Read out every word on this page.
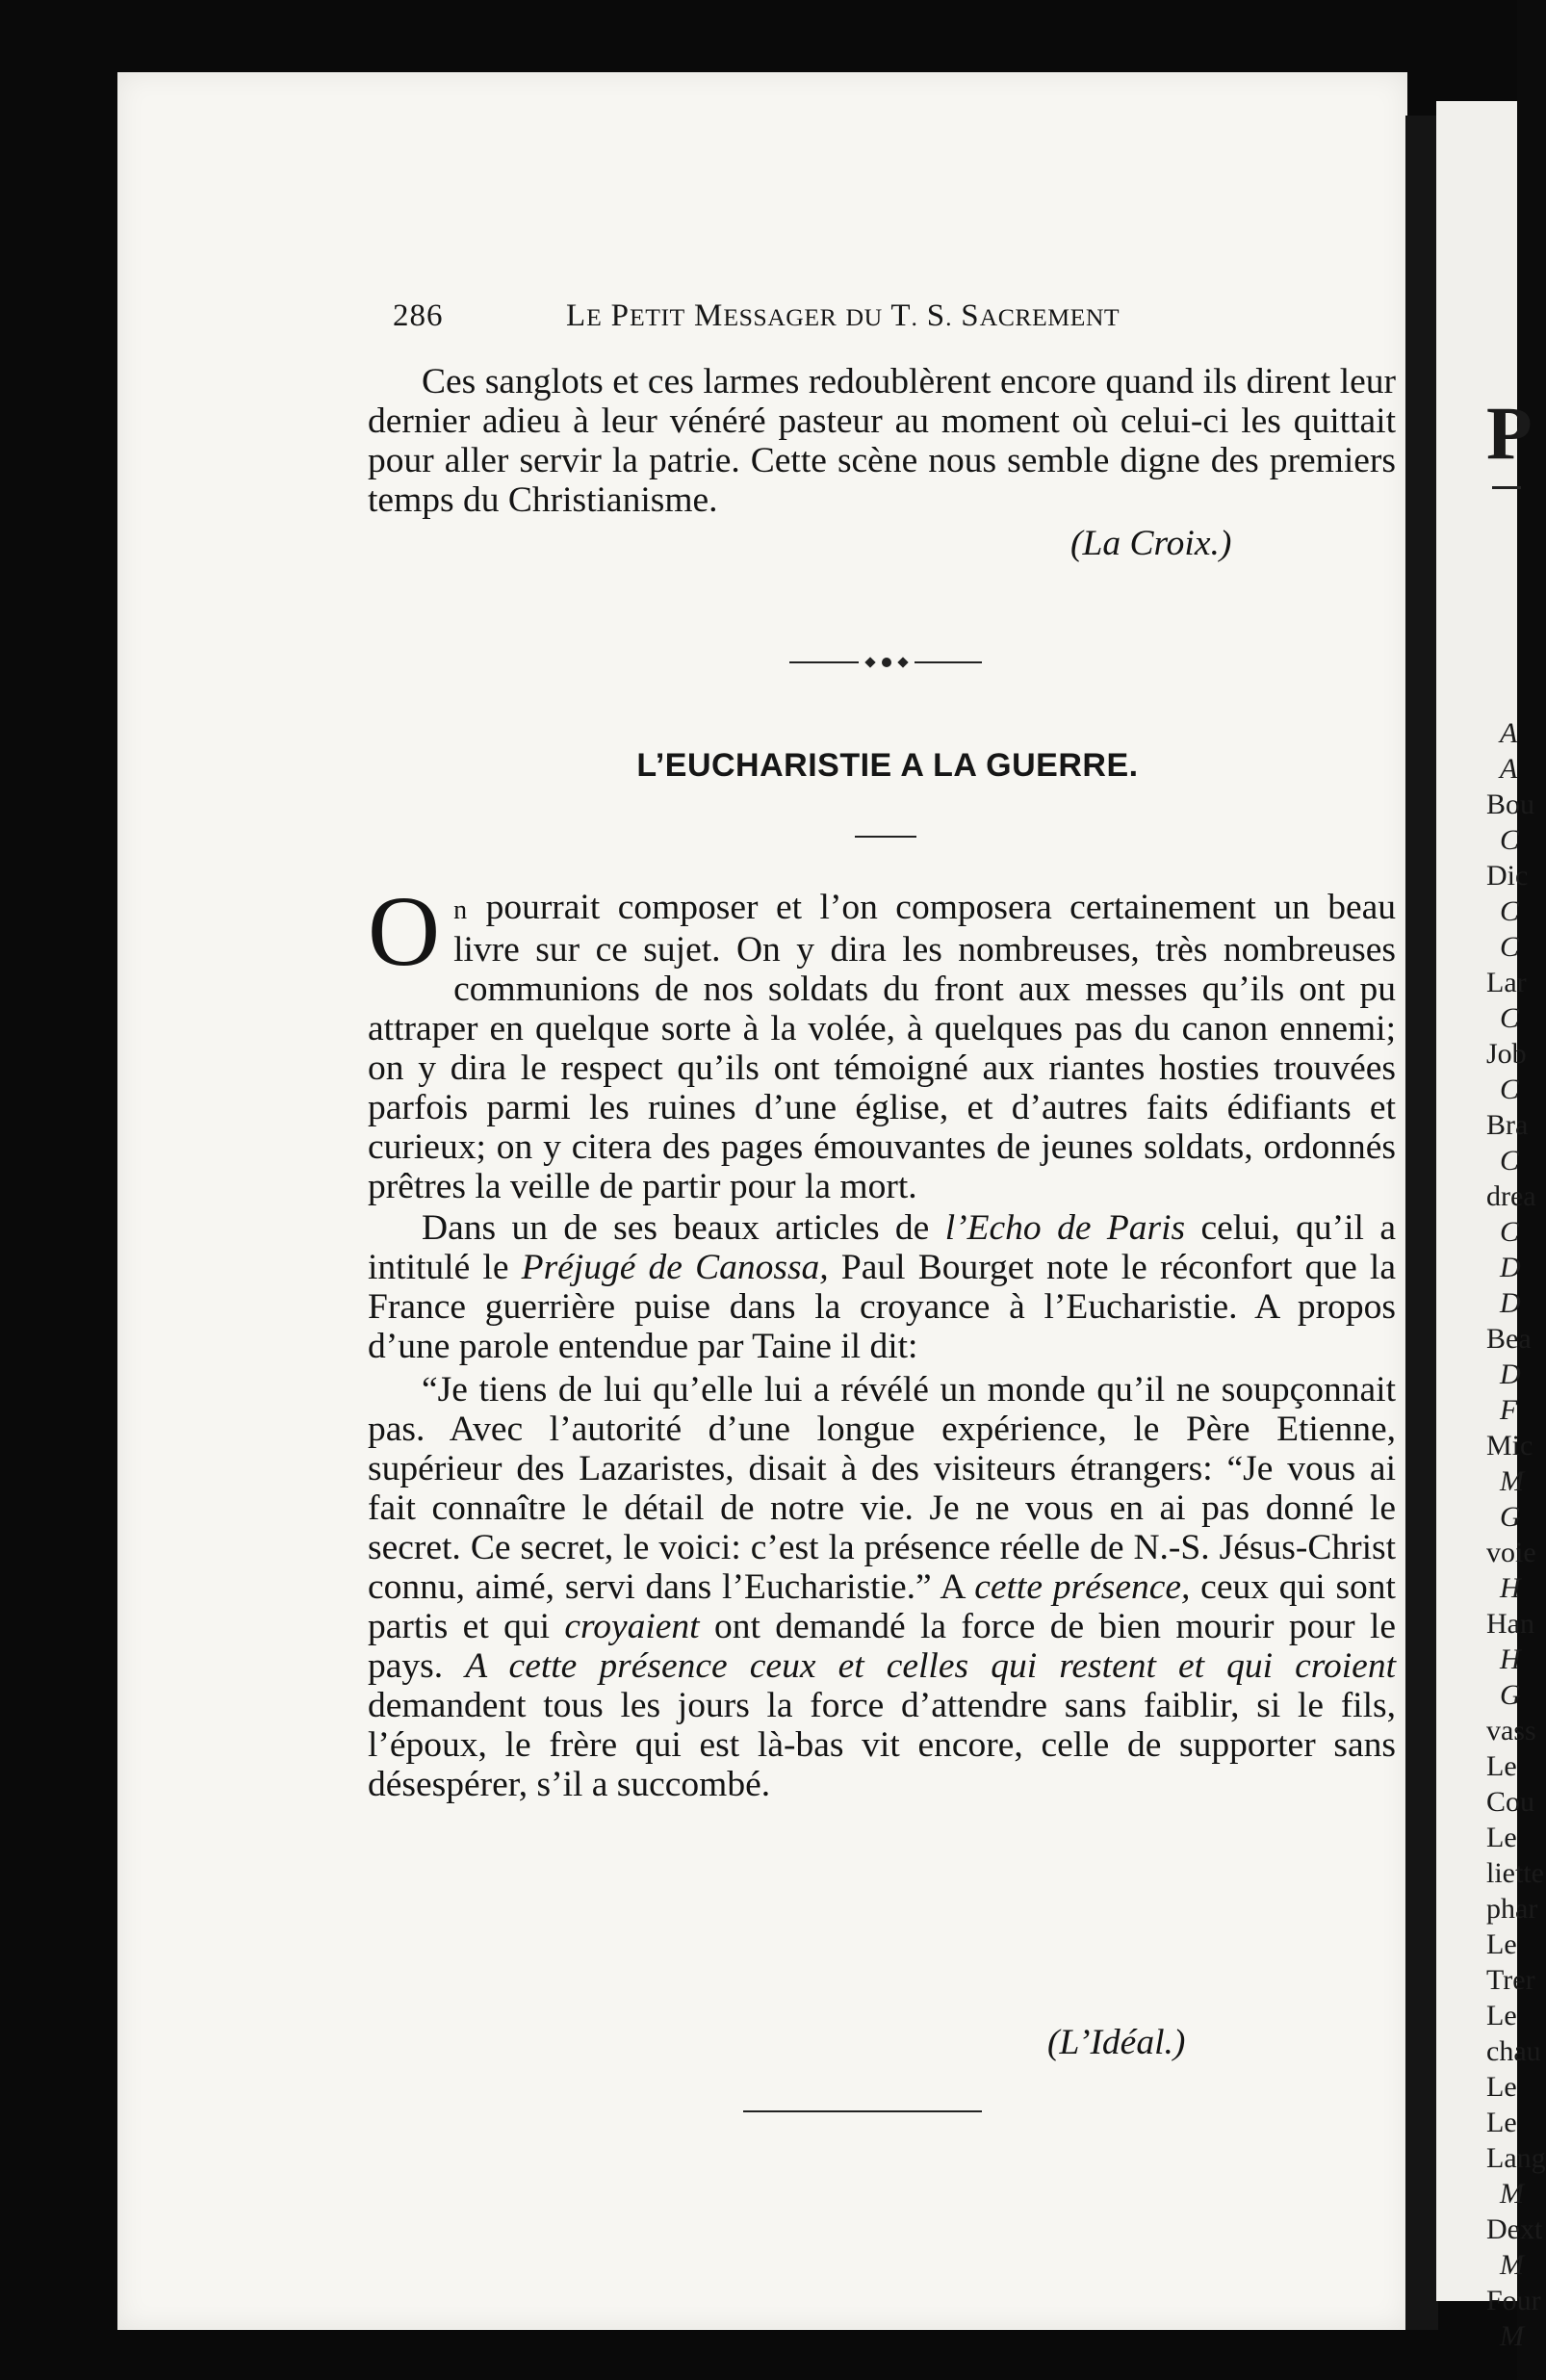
P
A
A
Bou
C
Dic
C
C
Lar
C
Job
C
Bra
C
drea
C
D
D
Bea
D
F
Mic
M
G
voie
H
Han
H
G
vass
Le
Cou
Le
liette
phar
Le
Trer
Le
chau
Le
Le
Lang
M
Dext
M
Four
M
286	LE PETIT MESSAGER DU T. S. SACREMENT

Ces sanglots et ces larmes redoublèrent encore quand ils dirent leur dernier adieu à leur vénéré pasteur au moment où celui-ci les quittait pour aller servir la patrie. Cette scène nous semble digne des premiers temps du Christianisme.

(La Croix.)
L’EUCHARISTIE A LA GUERRE.

On pourrait composer et l’on composera certainement un beau livre sur ce sujet. On y dira les nombreuses, très nombreuses communions de nos soldats du front aux messes qu’ils ont pu attraper en quelque sorte à la volée, à quelques pas du canon ennemi; on y dira le respect qu’ils ont témoigné aux riantes hosties trouvées parfois parmi les ruines d’une église, et d’autres faits édifiants et curieux; on y citera des pages émouvantes de jeunes soldats, ordonnés prêtres la veille de partir pour la mort.

Dans un de ses beaux articles de l’Echo de Paris celui, qu’il a intitulé le Préjugé de Canossa, Paul Bourget note le réconfort que la France guerrière puise dans la croyance à l’Eucharistie. A propos d’une parole entendue par Taine il dit:

“Je tiens de lui qu’elle lui a révélé un monde qu’il ne soupçonnait pas. Avec l’autorité d’une longue expérience, le Père Etienne, supérieur des Lazaristes, disait à des visiteurs étrangers: “Je vous ai fait connaître le détail de notre vie. Je ne vous en ai pas donné le secret. Ce secret, le voici: c’est la présence réelle de N.-S. Jésus-Christ connu, aimé, servi dans l’Eucharistie.” A cette présence, ceux qui sont partis et qui croyaient ont demandé la force de bien mourir pour le pays. A cette présence ceux et celles qui restent et qui croient demandent tous les jours la force d’attendre sans faiblir, si le fils, l’époux, le frère qui est là-bas vit encore, celle de supporter sans désespérer, s’il a succombé.

(L’Idéal.)
